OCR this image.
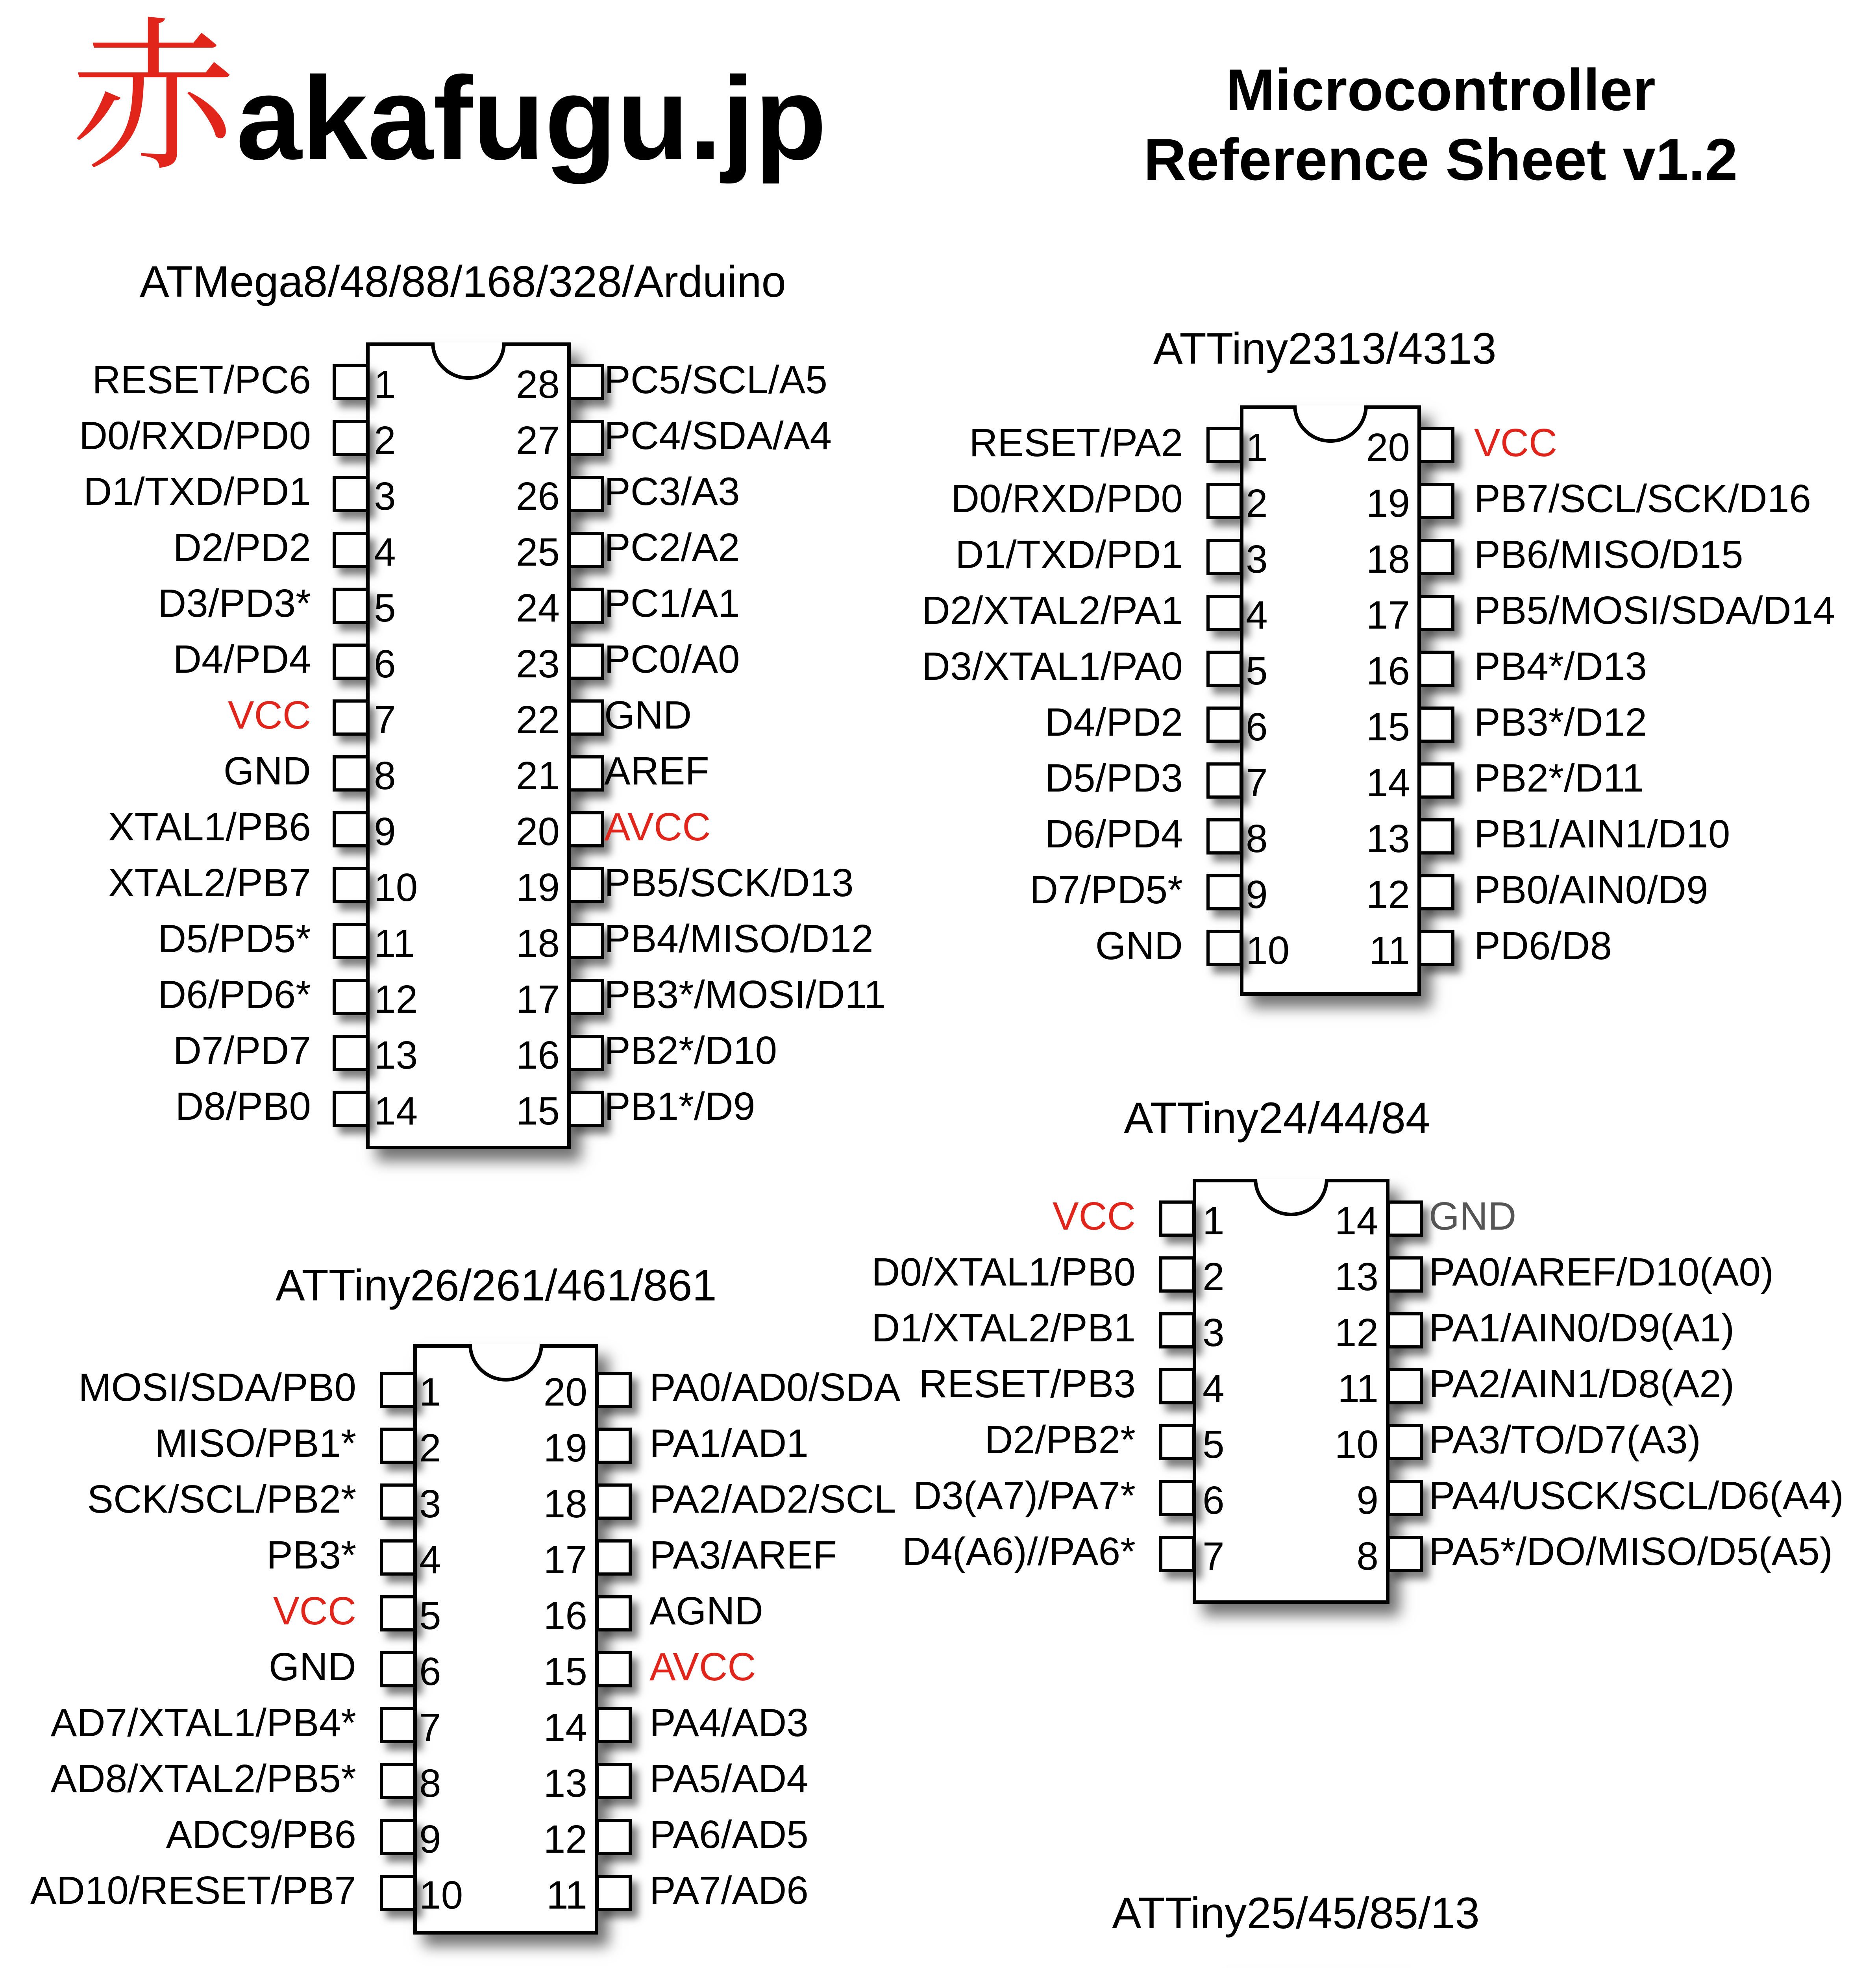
赤 akafugu.jp	Microcontroller
Reference Sheet v1.2
ATMega8/48/88/168/328/Arduino
1
RESET/PC6
2
D0/RXD/PD0
3
D1/TXD/PD1
4
D2/PD2
5
D3/PD3*
6
D4/PD4
7
VCC
8
GND
9
XTAL1/PB6
10
XTAL2/PB7
11
D5/PD5*
12
D6/PD6*
13
D7/PD7
14
D8/PB0
28 PC5/SCL/A5
27 PC4/SDA/A4
26 PC3/A3
25 PC2/A2
24 PC1/A1
23 PC0/A0
22 GND
21 AREF
20 AVCC
19 PB5/SCK/D13
18 PB4/MISO/D12
17 PB3*/MOSI/D11
16 PB2*/D10
15 PB1*/D9
ATTiny2313/4313
1
RESET/PA2
2
D0/RXD/PD0
3
D1/TXD/PD1
4
D2/XTAL2/PA1
5
D3/XTAL1/PA0
6
D4/PD2
7
D5/PD3
8
D6/PD4
9
D7/PD5*
10
GND
20 VCC
19 PB7/SCL/SCK/D16
18 PB6/MISO/D15
17 PB5/MOSI/SDA/D14
16 PB4*/D13
15 PB3*/D12
14 PB2*/D11
13 PB1/AIN1/D10
12 PB0/AIN0/D9
11 PD6/D8
ATTiny24/44/84
1
VCC
2
D0/XTAL1/PB0
3
D1/XTAL2/PB1
4
RESET/PB3
5
D2/PB2*
6
D3(A7)/PA7*
7
D4(A6)//PA6*
14 GND
13 PA0/AREF/D10(A0)
12 PA1/AIN0/D9(A1)
11 PA2/AIN1/D8(A2)
10 PA3/TO/D7(A3)
9 PA4/USCK/SCL/D6(A4)
8 PA5*/DO/MISO/D5(A5)
ATTiny26/261/461/861
1
MOSI/SDA/PB0
2
MISO/PB1*
3
SCK/SCL/PB2*
4
PB3*
5
VCC
6
GND
7
AD7/XTAL1/PB4*
8
AD8/XTAL2/PB5*
9
ADC9/PB6
10
AD10/RESET/PB7
20 PA0/AD0/SDA
19 PA1/AD1
18 PA2/AD2/SCL
17 PA3/AREF
16 AGND
15 AVCC
14 PA4/AD3
13 PA5/AD4
12 PA6/AD5
11 PA7/AD6	ATTiny25/45/85/13
